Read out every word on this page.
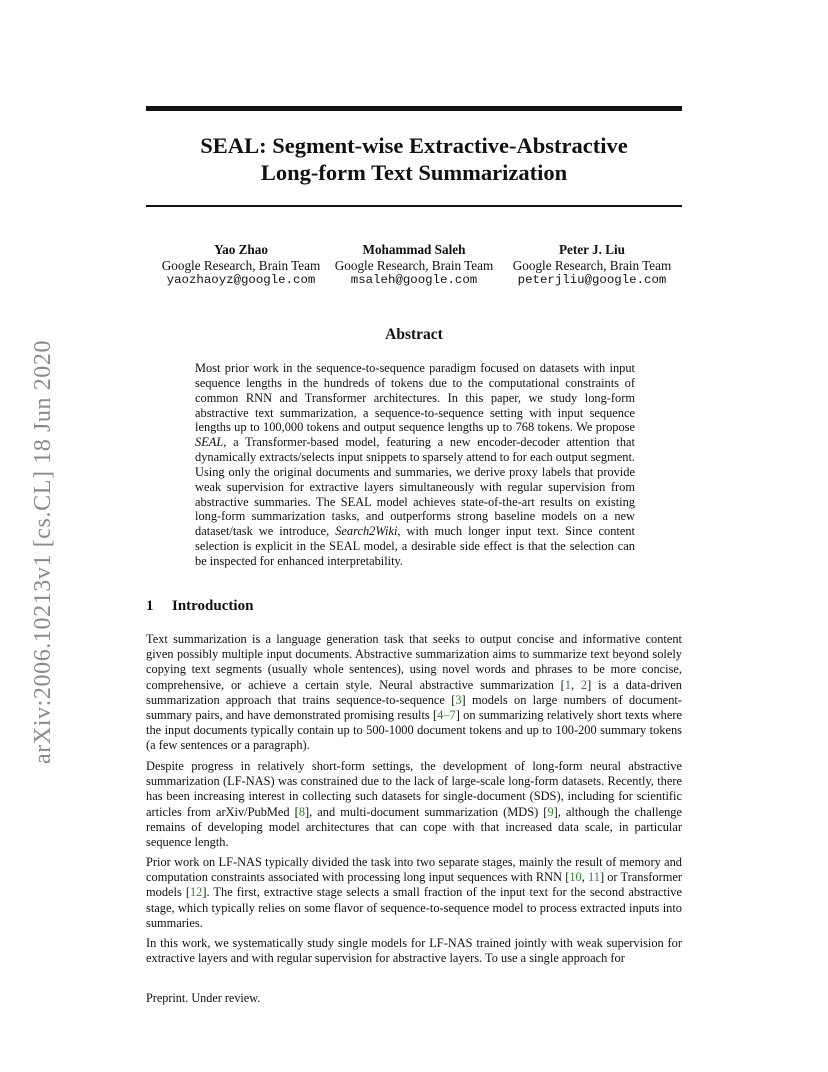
arXiv:2006.10213v1 [cs.CL] 18 Jun 2020
SEAL: Segment-wise Extractive-Abstractive
Long-form Text Summarization
Yao Zhao
Google Research, Brain Team
yaozhaoyz@google.com
Mohammad Saleh
Google Research, Brain Team
msaleh@google.com
Peter J. Liu
Google Research, Brain Team
peterjliu@google.com
Abstract

Most prior work in the sequence-to-sequence paradigm focused on datasets with input sequence lengths in the hundreds of tokens due to the computational constraints of common RNN and Transformer architectures. In this paper, we study long-form abstractive text summarization, a sequence-to-sequence setting with input sequence lengths up to 100,000 tokens and output sequence lengths up to 768 tokens. We propose SEAL, a Transformer-based model, featuring a new encoder-decoder attention that dynamically extracts/selects input snippets to sparsely attend to for each output segment. Using only the original documents and summaries, we derive proxy labels that provide weak supervision for extractive layers simultaneously with regular supervision from abstractive summaries. The SEAL model achieves state-of-the-art results on existing long-form summarization tasks, and outperforms strong baseline models on a new dataset/task we introduce, Search2Wiki, with much longer input text. Since content selection is explicit in the SEAL model, a desirable side effect is that the selection can be inspected for enhanced interpretability.

1 Introduction

Text summarization is a language generation task that seeks to output concise and informative content given possibly multiple input documents. Abstractive summarization aims to summarize text beyond solely copying text segments (usually whole sentences), using novel words and phrases to be more concise, comprehensive, or achieve a certain style. Neural abstractive summarization [1, 2] is a data-driven summarization approach that trains sequence-to-sequence [3] models on large numbers of document-summary pairs, and have demonstrated promising results [4–7] on summarizing relatively short texts where the input documents typically contain up to 500-1000 document tokens and up to 100-200 summary tokens (a few sentences or a paragraph).

Despite progress in relatively short-form settings, the development of long-form neural abstractive summarization (LF-NAS) was constrained due to the lack of large-scale long-form datasets. Recently, there has been increasing interest in collecting such datasets for single-document (SDS), including for scientific articles from arXiv/PubMed [8], and multi-document summarization (MDS) [9], although the challenge remains of developing model architectures that can cope with that increased data scale, in particular sequence length.

Prior work on LF-NAS typically divided the task into two separate stages, mainly the result of memory and computation constraints associated with processing long input sequences with RNN [10, 11] or Transformer models [12]. The first, extractive stage selects a small fraction of the input text for the second abstractive stage, which typically relies on some flavor of sequence-to-sequence model to process extracted inputs into summaries.

In this work, we systematically study single models for LF-NAS trained jointly with weak supervision for extractive layers and with regular supervision for abstractive layers. To use a single approach for

Preprint. Under review.
